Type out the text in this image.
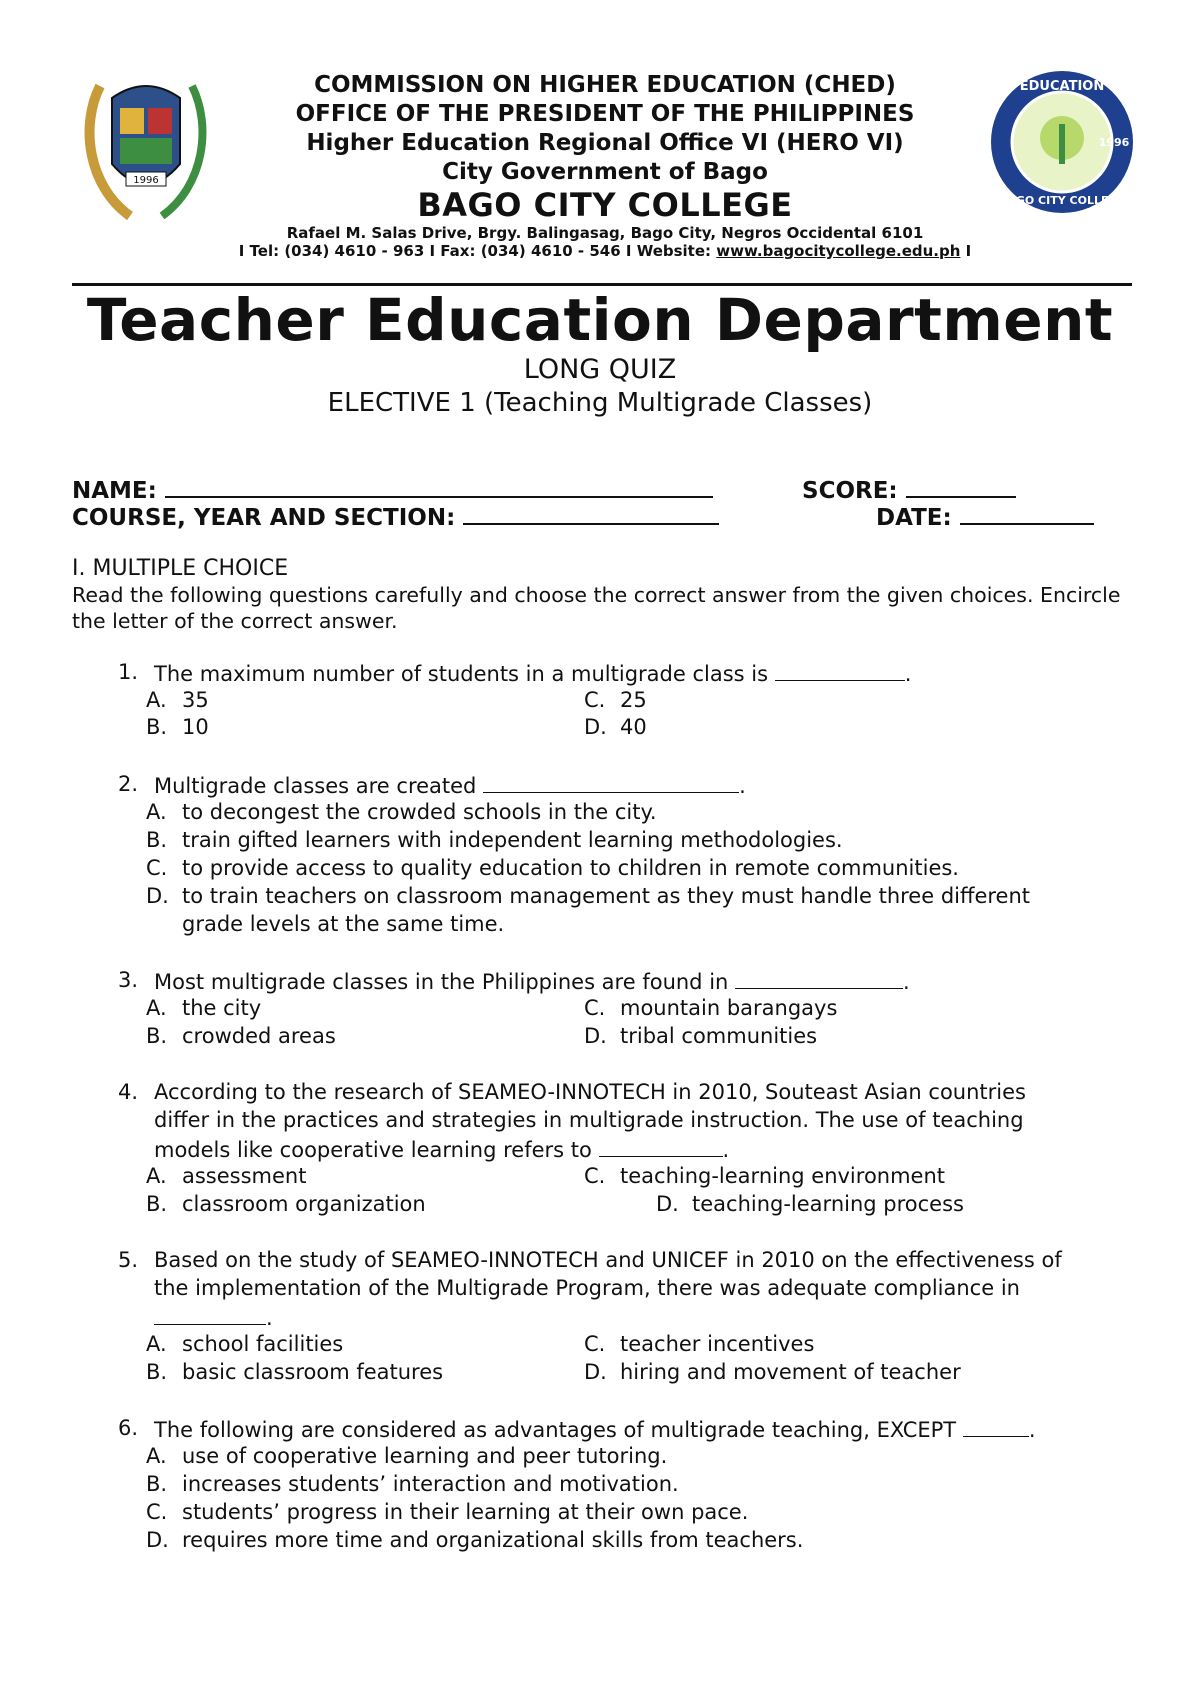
1996
EDUCATION
BAGO CITY COLLEGE
1996
COMMISSION ON HIGHER EDUCATION (CHED)
OFFICE OF THE PRESIDENT OF THE PHILIPPINES
Higher Education Regional Office VI (HERO VI)
City Government of Bago
BAGO CITY COLLEGE
Rafael M. Salas Drive, Brgy. Balingasag, Bago City, Negros Occidental 6101
I Tel: (034) 4610 - 963 I Fax: (034) 4610 - 546 I Website: www.bagocitycollege.edu.ph I
Teacher Education Department
LONG QUIZ
ELECTIVE 1 (Teaching Multigrade Classes)
NAME:	SCORE:
COURSE, YEAR AND SECTION:	DATE:
I. MULTIPLE CHOICE
Read the following questions carefully and choose the correct answer from the given choices. Encircle the letter of the correct answer.
1. The maximum number of students in a multigrade class is	.
A. 35	C. 25
B. 10	D. 40
2. Multigrade classes are created	.
A. to decongest the crowded schools in the city.
B. train gifted learners with independent learning methodologies.
C. to provide access to quality education to children in remote communities.
D. to train teachers on classroom management as they must handle three different
grade levels at the same time.
3. Most multigrade classes in the Philippines are found in	.
A. the city	C. mountain barangays
B. crowded areas	D. tribal communities
4. According to the research of SEAMEO-INNOTECH in 2010, Souteast Asian countries
differ in the practices and strategies in multigrade instruction. The use of teaching
models like cooperative learning refers to	.
A. assessment	C. teaching-learning environment
B. classroom organization	D. teaching-learning process
5. Based on the study of SEAMEO-INNOTECH and UNICEF in 2010 on the effectiveness of
the implementation of the Multigrade Program, there was adequate compliance in
.
A. school facilities	C. teacher incentives
B. basic classroom features	D. hiring and movement of teacher
6. The following are considered as advantages of multigrade teaching, EXCEPT	.
A. use of cooperative learning and peer tutoring.
B. increases students’ interaction and motivation.
C. students’ progress in their learning at their own pace.
D. requires more time and organizational skills from teachers.
